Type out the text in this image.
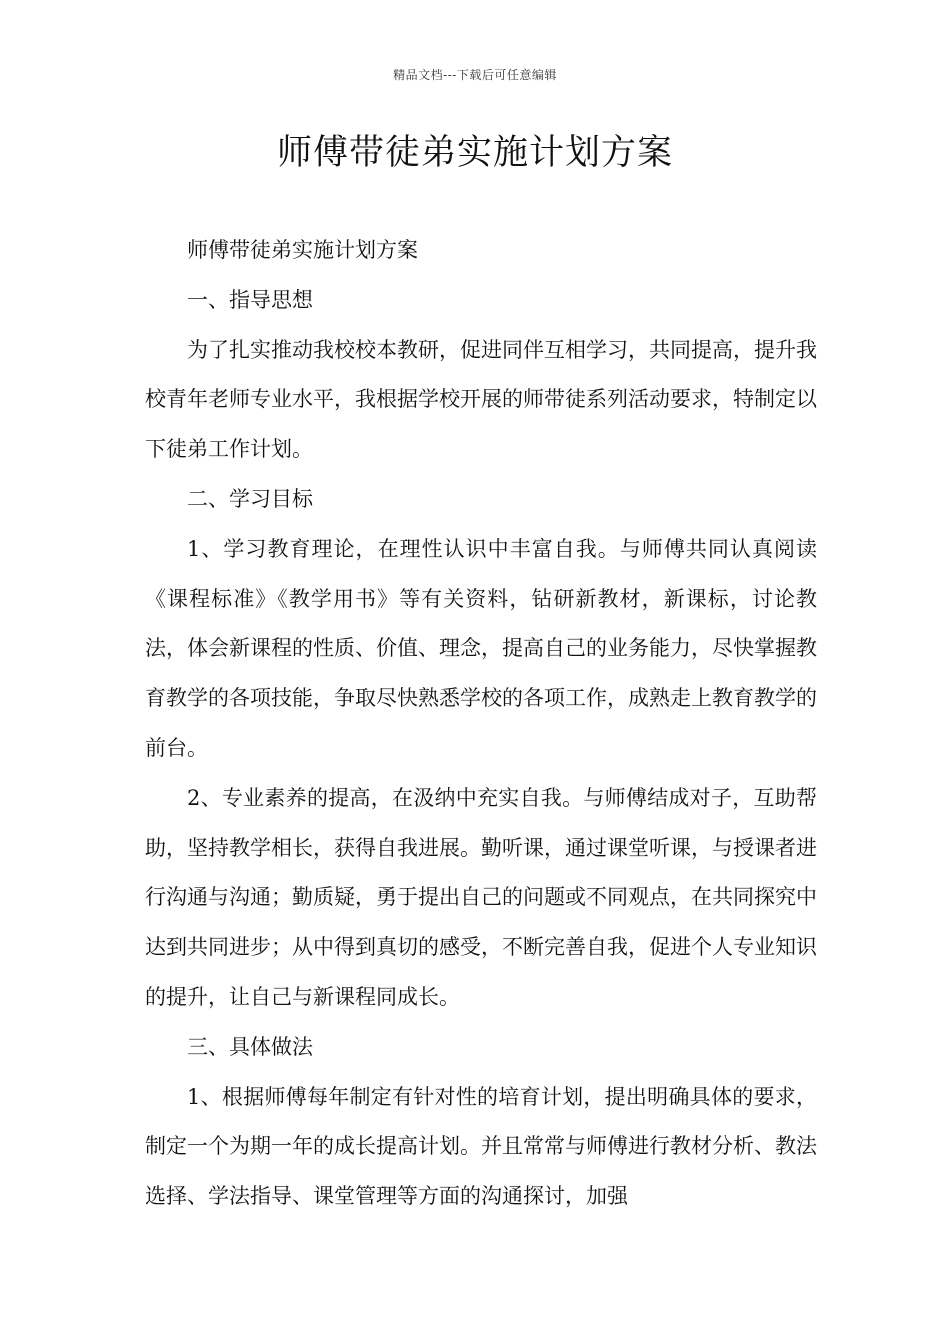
精品文档---下载后可任意编辑
师傅带徒弟实施计划方案

师傅带徒弟实施计划方案

一、指导思想

为了扎实推动我校校本教研，促进同伴互相学习，共同提高，提升我校青年老师专业水平，我根据学校开展的师带徒系列活动要求，特制定以下徒弟工作计划。

二、学习目标

1、学习教育理论，在理性认识中丰富自我。与师傅共同认真阅读《课程标准》《教学用书》等有关资料，钻研新教材，新课标，讨论教法，体会新课程的性质、价值、理念，提高自己的业务能力，尽快掌握教育教学的各项技能，争取尽快熟悉学校的各项工作，成熟走上教育教学的前台。

2、专业素养的提高，在汲纳中充实自我。与师傅结成对子，互助帮助，坚持教学相长，获得自我进展。勤听课，通过课堂听课，与授课者进行沟通与沟通；勤质疑，勇于提出自己的问题或不同观点，在共同探究中达到共同进步；从中得到真切的感受，不断完善自我，促进个人专业知识的提升，让自己与新课程同成长。

三、具体做法

1、根据师傅每年制定有针对性的培育计划，提出明确具体的要求，制定一个为期一年的成长提高计划。并且常常与师傅进行教材分析、教法选择、学法指导、课堂管理等方面的沟通探讨，加强
